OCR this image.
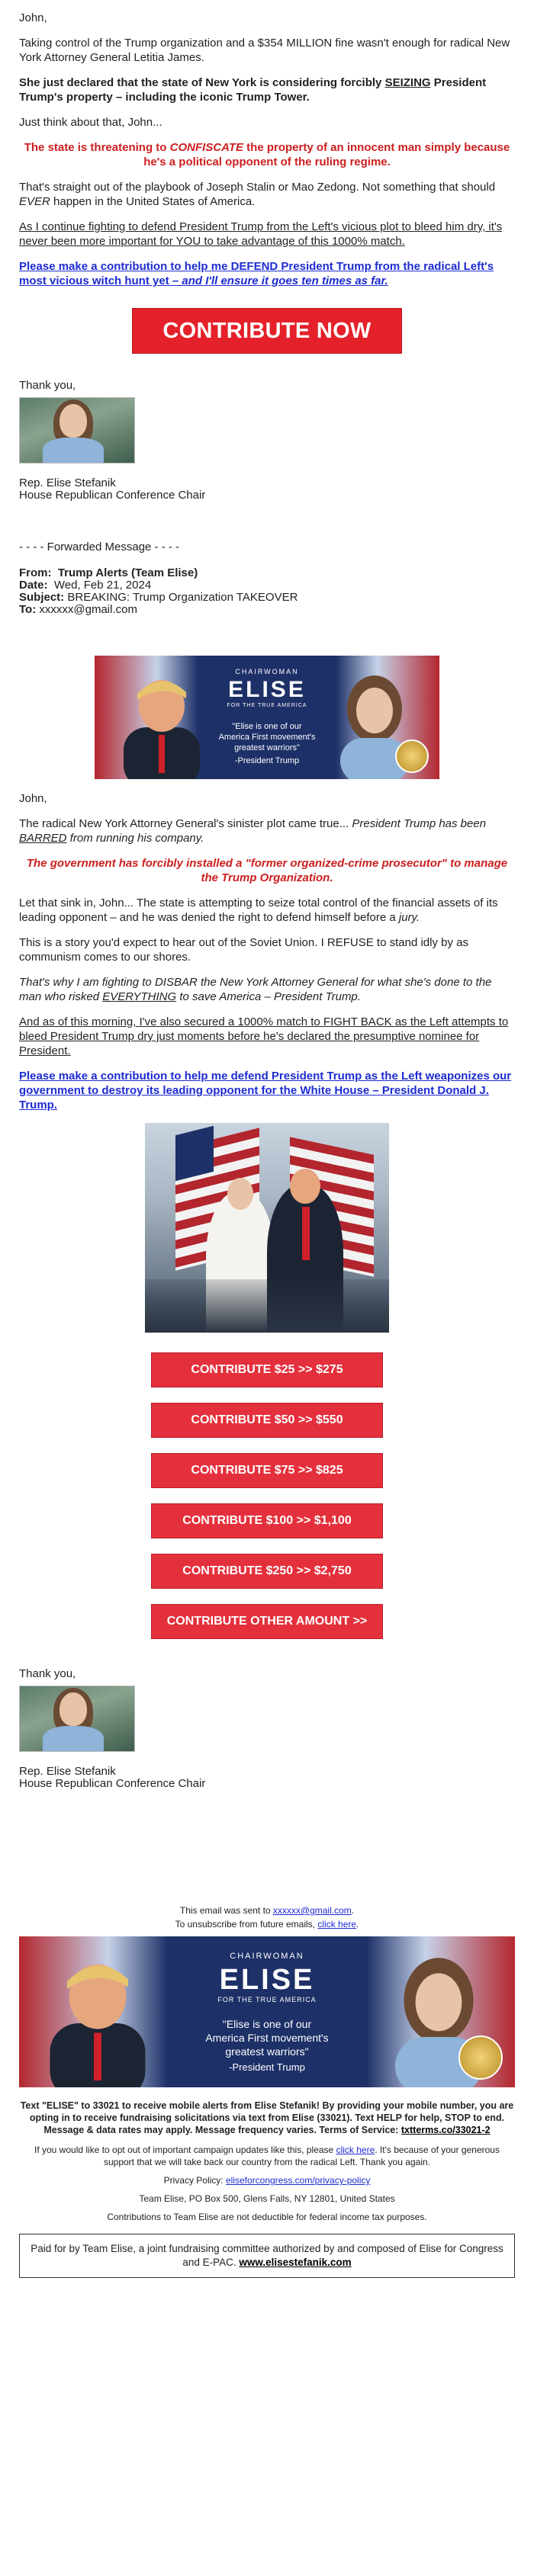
John,

Taking control of the Trump organization and a $354 MILLION fine wasn't enough for radical New York Attorney General Letitia James.

She just declared that the state of New York is considering forcibly SEIZING President Trump's property – including the iconic Trump Tower.

Just think about that, John...

The state is threatening to CONFISCATE the property of an innocent man simply because he's a political opponent of the ruling regime.

That's straight out of the playbook of Joseph Stalin or Mao Zedong. Not something that should EVER happen in the United States of America.

As I continue fighting to defend President Trump from the Left's vicious plot to bleed him dry, it's never been more important for YOU to take advantage of this 1000% match.

Please make a contribution to help me DEFEND President Trump from the radical Left's most vicious witch hunt yet – and I'll ensure it goes ten times as far.

CONTRIBUTE NOW

Thank you,

Rep. Elise Stefanik

House Republican Conference Chair

- - - - Forwarded Message - - - -

From: Trump Alerts (Team Elise)

Date: Wed, Feb 21, 2024

Subject: BREAKING: Trump Organization TAKEOVER

To: xxxxxx@gmail.com

CHAIRWOMAN
ELISE
FOR THE TRUE AMERICA
"Elise is one of our
America First movement's
greatest warriors"
-President Trump

John,

The radical New York Attorney General's sinister plot came true... President Trump has been BARRED from running his company.

The government has forcibly installed a "former organized-crime prosecutor" to manage the Trump Organization.

Let that sink in, John... The state is attempting to seize total control of the financial assets of its leading opponent – and he was denied the right to defend himself before a jury.

This is a story you'd expect to hear out of the Soviet Union. I REFUSE to stand idly by as communism comes to our shores.

That's why I am fighting to DISBAR the New York Attorney General for what she's done to the man who risked EVERYTHING to save America – President Trump.

And as of this morning, I've also secured a 1000% match to FIGHT BACK as the Left attempts to bleed President Trump dry just moments before he's declared the presumptive nominee for President.

Please make a contribution to help me defend President Trump as the Left weaponizes our government to destroy its leading opponent for the White House – President Donald J. Trump.

CONTRIBUTE $25 >> $275
CONTRIBUTE $50 >> $550
CONTRIBUTE $75 >> $825
CONTRIBUTE $100 >> $1,100
CONTRIBUTE $250 >> $2,750
CONTRIBUTE OTHER AMOUNT >>

Thank you,

Rep. Elise Stefanik

House Republican Conference Chair

This email was sent to xxxxxx@gmail.com.

To unsubscribe from future emails, click here.

CHAIRWOMAN
ELISE
FOR THE TRUE AMERICA
"Elise is one of our
America First movement's
greatest warriors"
-President Trump

Text "ELISE" to 33021 to receive mobile alerts from Elise Stefanik! By providing your mobile number, you are opting in to receive fundraising solicitations via text from Elise (33021). Text HELP for help, STOP to end. Message & data rates may apply. Message frequency varies. Terms of Service: txtterms.co/33021-2

If you would like to opt out of important campaign updates like this, please click here. It's because of your generous support that we will take back our country from the radical Left. Thank you again.

Privacy Policy: eliseforcongress.com/privacy-policy

Team Elise, PO Box 500, Glens Falls, NY 12801, United States

Contributions to Team Elise are not deductible for federal income tax purposes.

Paid for by Team Elise, a joint fundraising committee authorized by and composed of Elise for Congress and E-PAC. www.elisestefanik.com
